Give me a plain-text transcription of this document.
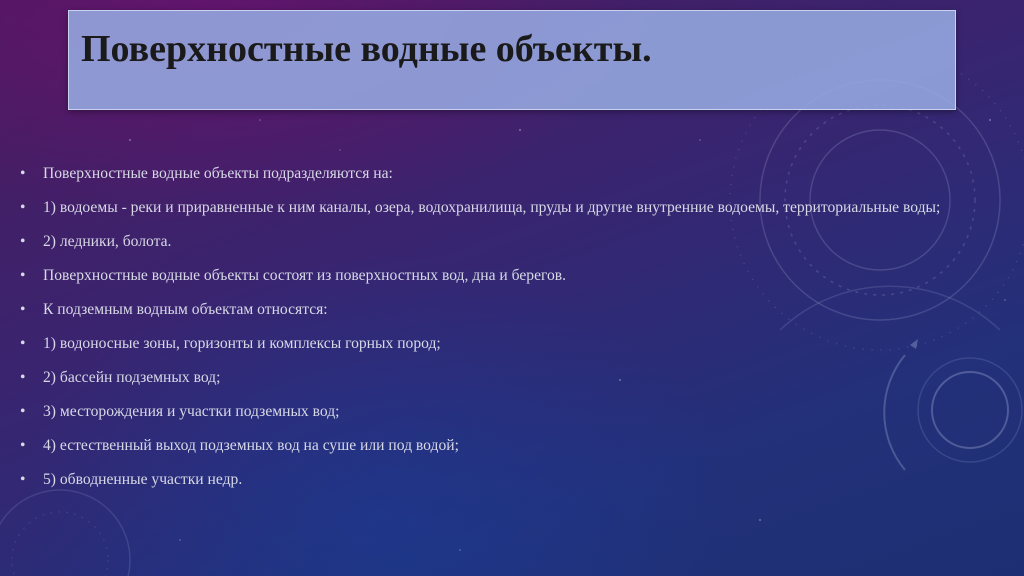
Поверхностные водные объекты.
• Поверхностные водные объекты подразделяются на:
• 1) водоемы - реки и приравненные к ним каналы, озера, водохранилища, пруды и другие внутренние водоемы, территориальные воды;
• 2) ледники, болота.
• Поверхностные водные объекты состоят из поверхностных вод, дна и берегов.
• К подземным водным объектам относятся:
• 1) водоносные зоны, горизонты и комплексы горных пород;
• 2) бассейн подземных вод;
• 3) месторождения и участки подземных вод;
• 4) естественный выход подземных вод на суше или под водой;
• 5) обводненные участки недр.
